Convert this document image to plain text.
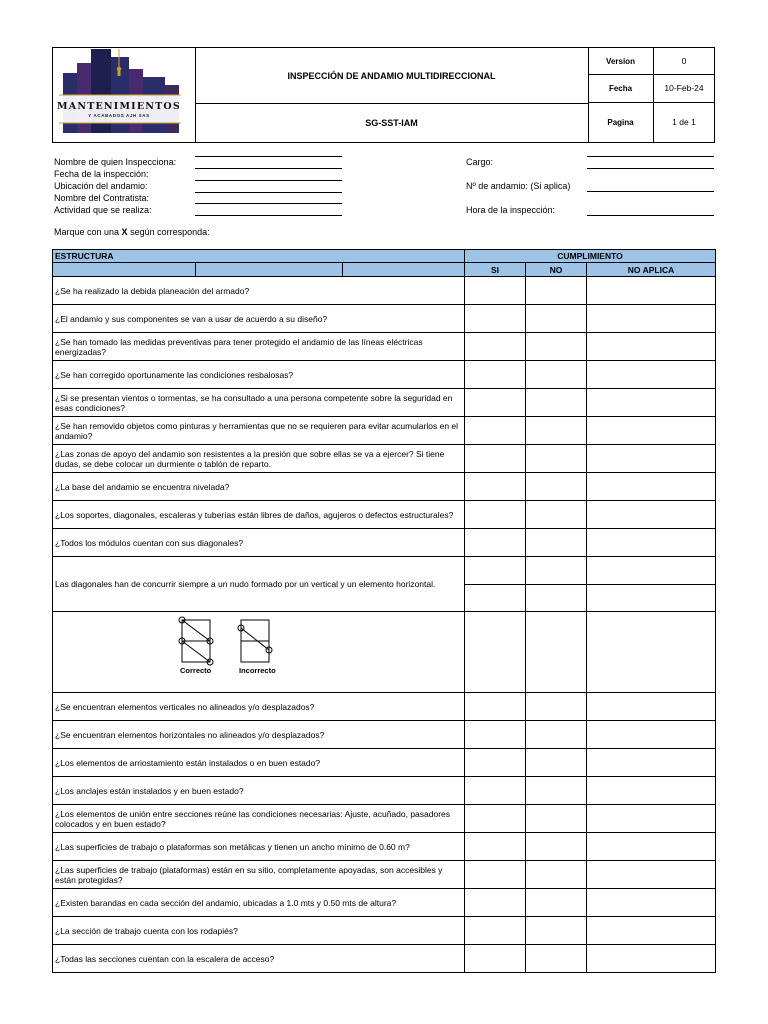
MANTENIMIENTOS
Y ACABADOS AJH SAS
INSPECCIÓN DE ANDAMIO MULTIDIRECCIONAL
SG-SST-IAM
Version	0
Fecha	10-Feb-24
Pagina	1 de 1
Nombre de quien Inspecciona:
Fecha de la inspección:
Ubicación del andamio:
Nombre del Contratista:
Actividad que se realiza:
Cargo:
Nº de andamio: (Si aplica)
Hora de la inspección:
Marque con una X según corresponda:
ESTRUCTURA			CUMPLIMIENTO		
			SI	NO	NO APLICA
¿Se ha realizado la debida planeación del armado?					
¿El andamio y sus componentes se van a usar de acuerdo a su diseño?					
¿Se han tomado las medidas preventivas para tener protegido el andamio de las líneas eléctricas energizadas?					
¿Se han corregido oportunamente las condiciones resbalosas?					
¿Si se presentan vientos o tormentas, se ha consultado a una persona competente sobre la seguridad en esas condiciones?					
¿Se han removido objetos como pinturas y herramientas que no se requieren para evitar acumularlos en el andamio?					
¿Las zonas de apoyo del andamio son resistentes a la presión que sobre ellas se va a ejercer? Si tiene dudas, se debe colocar un durmiente o tablón de reparto.					
¿La base del andamio se encuentra nivelada?					
¿Los soportes, diagonales, escaleras y tuberías están libres de daños, agujeros o defectos estructurales?					
¿Todos los módulos cuentan con sus diagonales?					
Las diagonales han de concurrir siempre a un nudo formado por un vertical y un elemento horizontal.					

Correcto Incorrecto					

¿Se encuentran elementos verticales no alineados y/o desplazados?					
¿Se encuentran elementos horizontales no alineados y/o desplazados?					
¿Los elementos de arriostamiento están instalados o en buen estado?					
¿Los anclajes están instalados y en buen estado?					
¿Los elementos de unión entre secciones reúne las condiciones necesarias: Ajuste, acuñado, pasadores colocados y en buen estado?					
¿Las superficies de trabajo o plataformas son metálicas y tienen un ancho mínimo de 0.60 m?					
¿Las superficies de trabajo (plataformas) están en su sitio, completamente apoyadas, son accesibles y están protegidas?					
¿Existen barandas en cada sección del andamio, ubicadas a 1.0 mts y 0.50 mts de altura?					
¿La sección de trabajo cuenta con los rodapiés?					
¿Todas las secciones cuentan con la escalera de acceso?					
